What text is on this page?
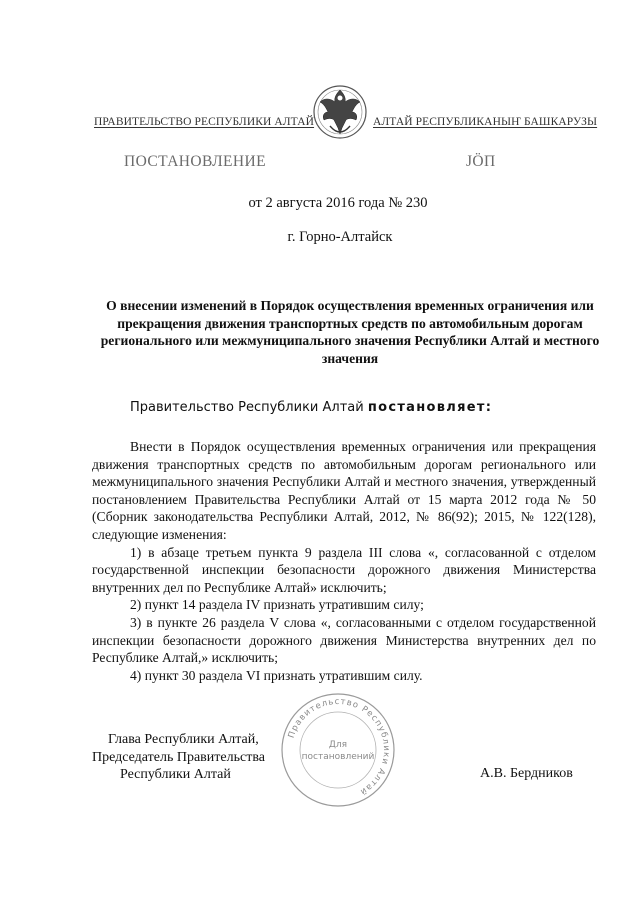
ПРАВИТЕЛЬСТВО РЕСПУБЛИКИ АЛТАЙ	АЛТАЙ РЕСПУБЛИКАНЫҤ БАШКАРУЗЫ
ПОСТАНОВЛЕНИЕ	JÖП
от 2 августа 2016 года № 230
г. Горно-Алтайск
О внесении изменений в Порядок осуществления временных ограничения или прекращения движения транспортных средств по автомобильным дорогам регионального или межмуниципального значения Республики Алтай и местного значения
Правительство Республики Алтай постановляет:

Внести в Порядок осуществления временных ограничения или прекращения движения транспортных средств по автомобильным дорогам регионального или межмуниципального значения Республики Алтай и местного значения, утвержденный постановлением Правительства Республики Алтай от 15 марта 2012 года № 50 (Сборник законодательства Республики Алтай, 2012, № 86(92); 2015, № 122(128), следующие изменения:

1) в абзаце третьем пункта 9 раздела III слова «, согласованной с отделом государственной инспекции безопасности дорожного движения Министерства внутренних дел по Республике Алтай» исключить;

2) пункт 14 раздела IV признать утратившим силу;

3) в пункте 26 раздела V слова «, согласованными с отделом государственной инспекции безопасности дорожного движения Министерства внутренних дел по Республике Алтай,» исключить;

4) пункт 30 раздела VI признать утратившим силу.

Правительство Республики Алтай
Для
постановлений
Глава Республики Алтай,
Председатель Правительства
Республики Алтай	А.В. Бердников
